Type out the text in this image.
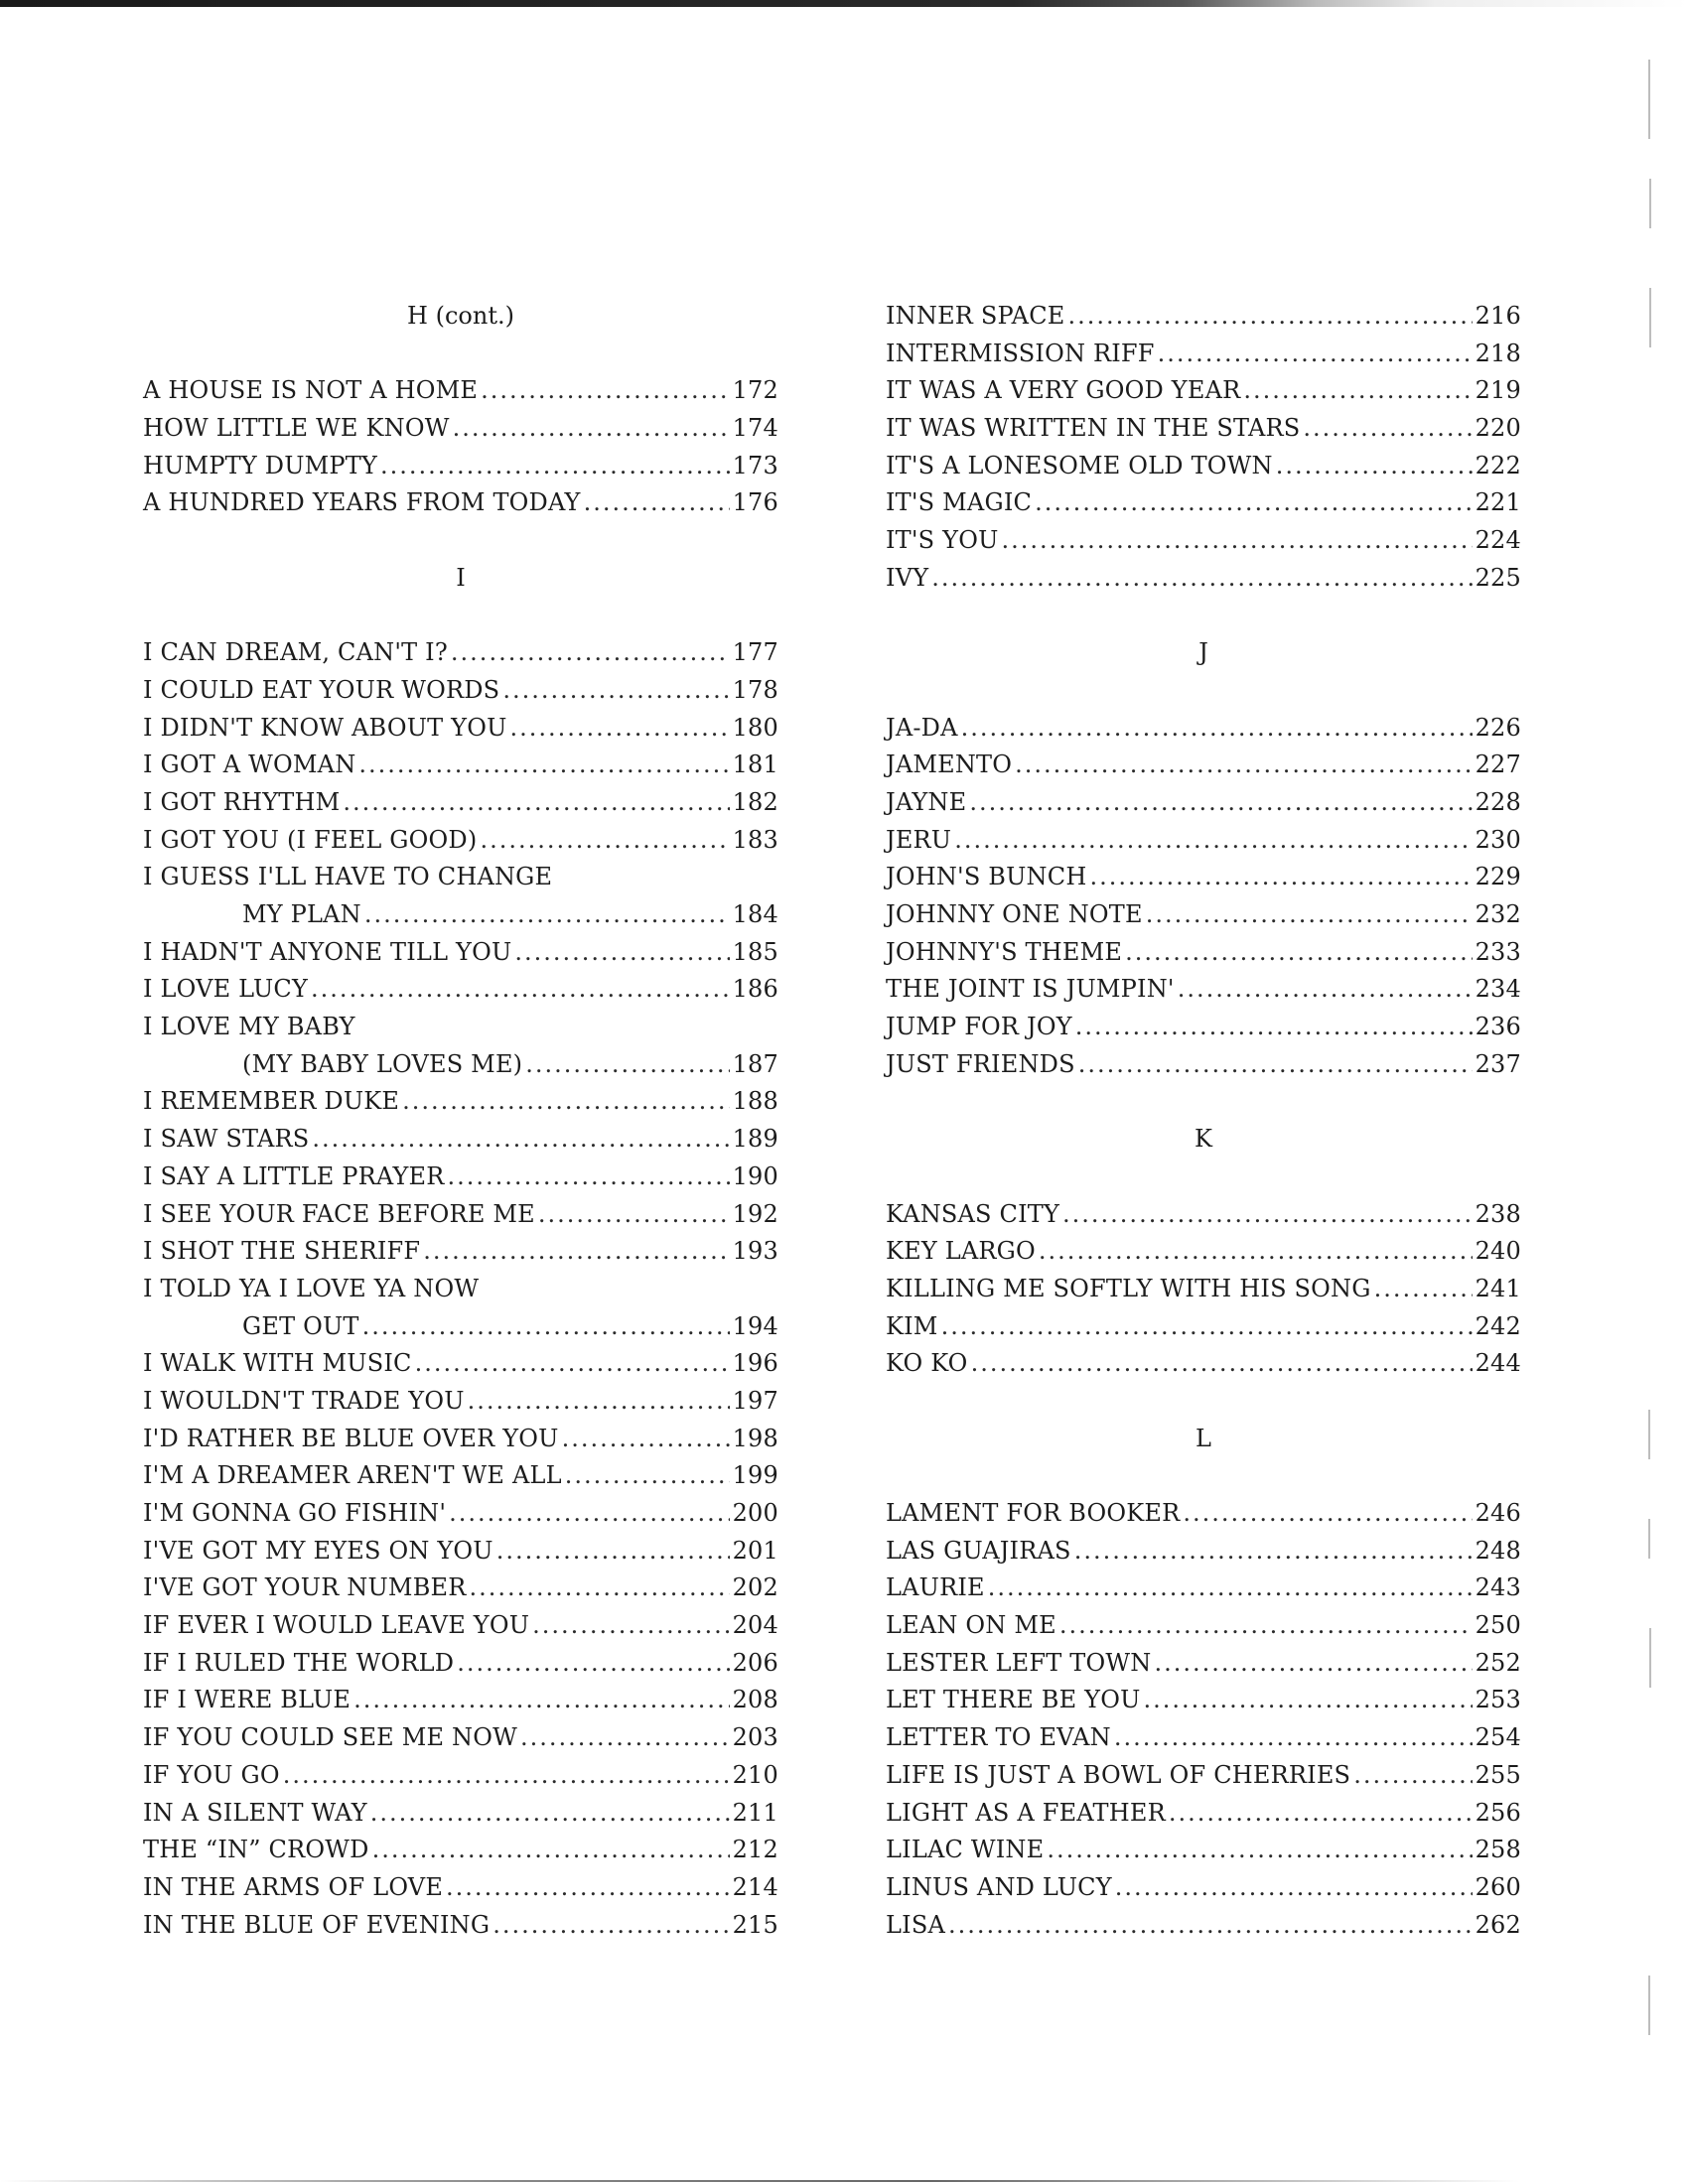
H (cont.)
A HOUSE IS NOT A HOME .....	172
HOW LITTLE WE KNOW .....	174
HUMPTY DUMPTY .....	173
A HUNDRED YEARS FROM TODAY .....	176
I
I CAN DREAM, CAN'T I? .....	177
I COULD EAT YOUR WORDS .....	178
I DIDN'T KNOW ABOUT YOU .....	180
I GOT A WOMAN .....	181
I GOT RHYTHM .....	182
I GOT YOU (I FEEL GOOD) .....	183
I GUESS I'LL HAVE TO CHANGE
MY PLAN .....	184
I HADN'T ANYONE TILL YOU .....	185
I LOVE LUCY .....	186
I LOVE MY BABY
(MY BABY LOVES ME) .....	187
I REMEMBER DUKE .....	188
I SAW STARS .....	189
I SAY A LITTLE PRAYER .....	190
I SEE YOUR FACE BEFORE ME .....	192
I SHOT THE SHERIFF .....	193
I TOLD YA I LOVE YA NOW
GET OUT .....	194
I WALK WITH MUSIC .....	196
I WOULDN'T TRADE YOU .....	197
I'D RATHER BE BLUE OVER YOU .....	198
I'M A DREAMER AREN'T WE ALL .....	199
I'M GONNA GO FISHIN' .....	200
I'VE GOT MY EYES ON YOU .....	201
I'VE GOT YOUR NUMBER .....	202
IF EVER I WOULD LEAVE YOU .....	204
IF I RULED THE WORLD .....	206
IF I WERE BLUE .....	208
IF YOU COULD SEE ME NOW .....	203
IF YOU GO .....	210
IN A SILENT WAY .....	211
THE “IN” CROWD .....	212
IN THE ARMS OF LOVE .....	214
IN THE BLUE OF EVENING .....	215
INNER SPACE .....	216
INTERMISSION RIFF .....	218
IT WAS A VERY GOOD YEAR .....	219
IT WAS WRITTEN IN THE STARS .....	220
IT'S A LONESOME OLD TOWN .....	222
IT'S MAGIC .....	221
IT'S YOU .....	224
IVY .....	225
J
JA-DA .....	226
JAMENTO .....	227
JAYNE .....	228
JERU .....	230
JOHN'S BUNCH .....	229
JOHNNY ONE NOTE .....	232
JOHNNY'S THEME .....	233
THE JOINT IS JUMPIN' .....	234
JUMP FOR JOY .....	236
JUST FRIENDS .....	237
K
KANSAS CITY .....	238
KEY LARGO .....	240
KILLING ME SOFTLY WITH HIS SONG .....	241
KIM .....	242
KO KO .....	244
L
LAMENT FOR BOOKER .....	246
LAS GUAJIRAS .....	248
LAURIE .....	243
LEAN ON ME .....	250
LESTER LEFT TOWN .....	252
LET THERE BE YOU .....	253
LETTER TO EVAN .....	254
LIFE IS JUST A BOWL OF CHERRIES .....	255
LIGHT AS A FEATHER .....	256
LILAC WINE .....	258
LINUS AND LUCY .....	260
LISA .....	262
